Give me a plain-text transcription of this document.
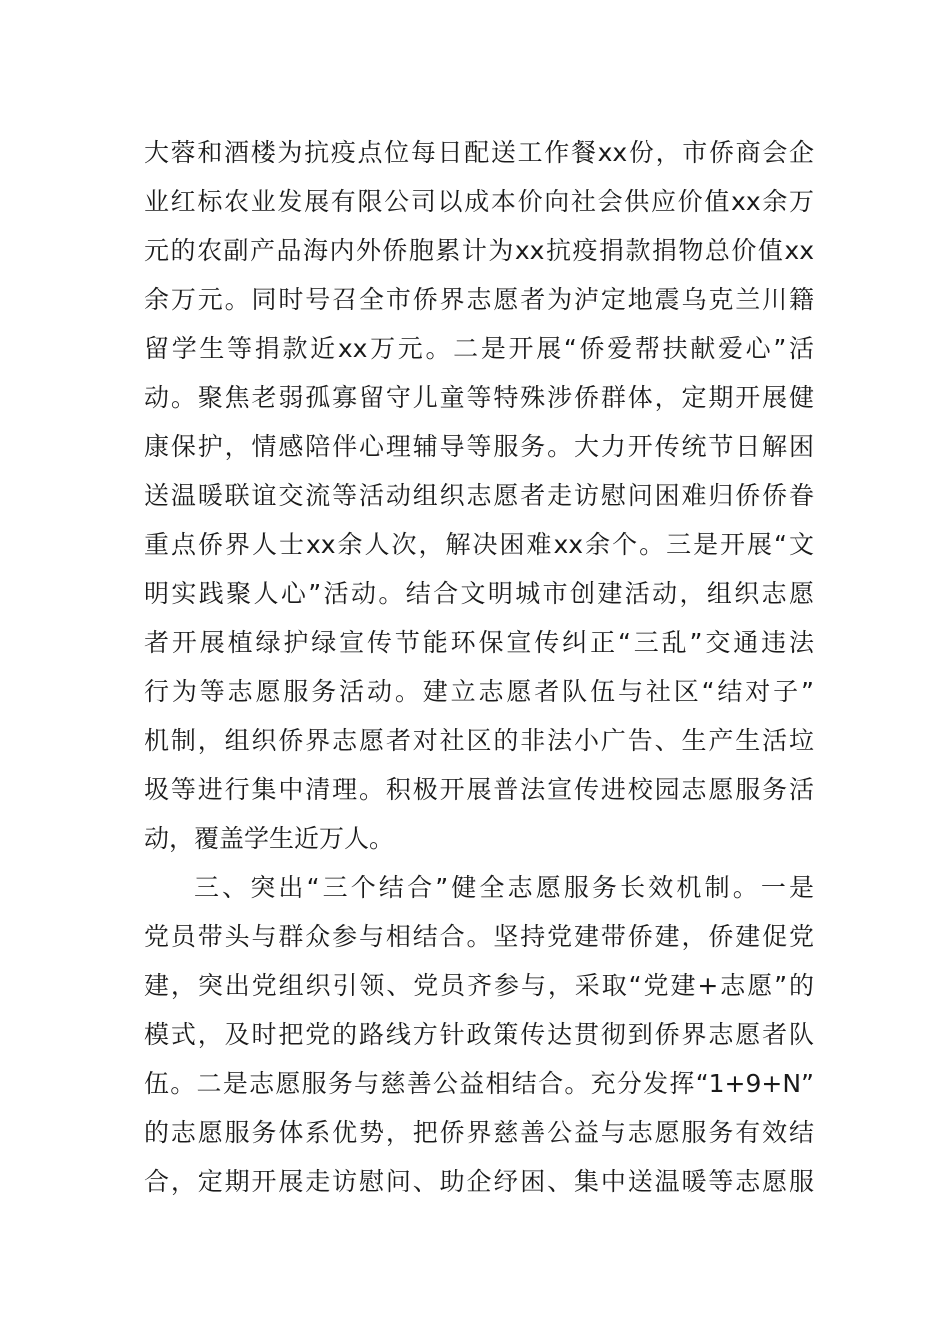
大蓉和酒楼为抗疫点位每日配送工作餐xx份，市侨商会企
业红标农业发展有限公司以成本价向社会供应价值xx余万
元的农副产品海内外侨胞累计为xx抗疫捐款捐物总价值xx
余万元。同时号召全市侨界志愿者为泸定地震乌克兰川籍
留学生等捐款近xx万元。二是开展“侨爱帮扶献爱心”活
动。聚焦老弱孤寡留守儿童等特殊涉侨群体，定期开展健
康保护，情感陪伴心理辅导等服务。大力开传统节日解困
送温暖联谊交流等活动组织志愿者走访慰问困难归侨侨眷
重点侨界人士xx余人次，解决困难xx余个。三是开展“文
明实践聚人心”活动。结合文明城市创建活动，组织志愿
者开展植绿护绿宣传节能环保宣传纠正“三乱”交通违法
行为等志愿服务活动。建立志愿者队伍与社区“结对子”
机制，组织侨界志愿者对社区的非法小广告、生产生活垃
圾等进行集中清理。积极开展普法宣传进校园志愿服务活
动，覆盖学生近万人。
三、突出“三个结合”健全志愿服务长效机制。一是
党员带头与群众参与相结合。坚持党建带侨建，侨建促党
建，突出党组织引领、党员齐参与，采取“党建+志愿”的
模式，及时把党的路线方针政策传达贯彻到侨界志愿者队
伍。二是志愿服务与慈善公益相结合。充分发挥“1+9+N”
的志愿服务体系优势，把侨界慈善公益与志愿服务有效结
合，定期开展走访慰问、助企纾困、集中送温暖等志愿服
